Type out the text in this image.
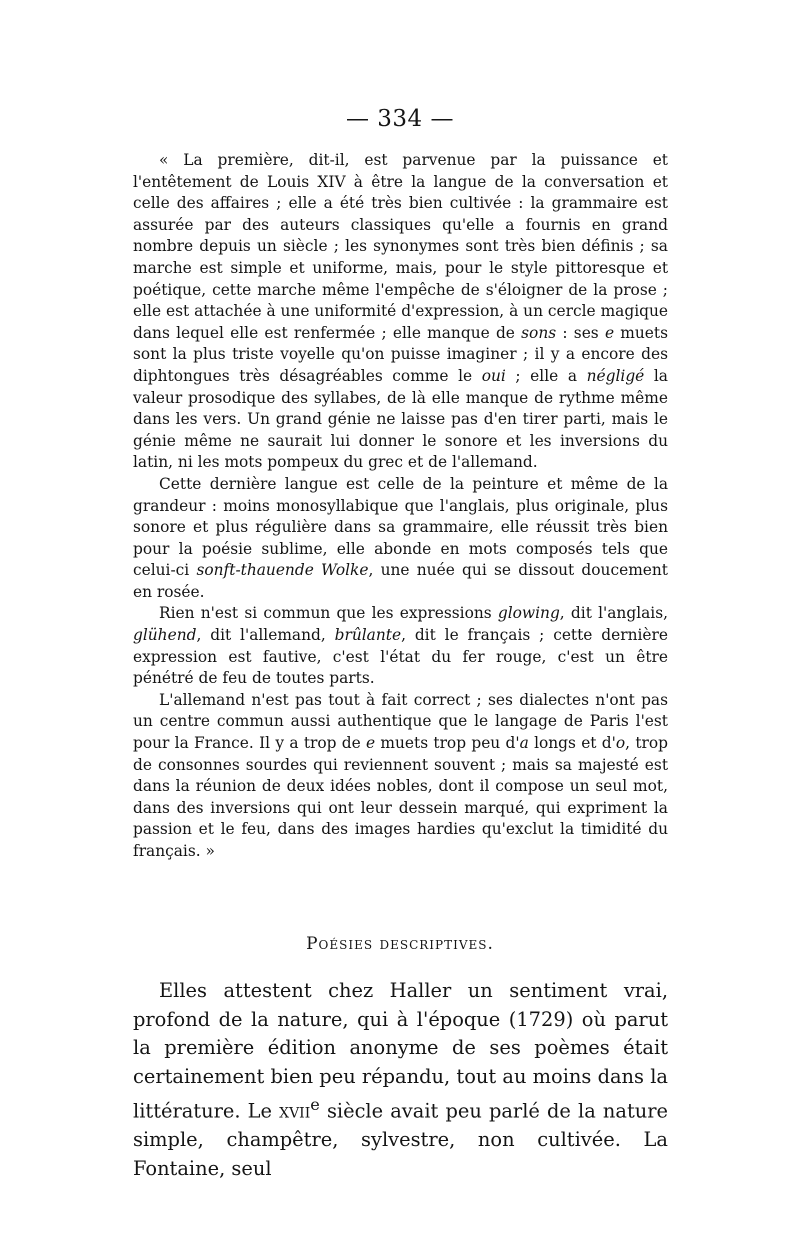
— 334 —

« La première, dit-il, est parvenue par la puissance et l'entêtement de Louis XIV à être la langue de la conversation et celle des affaires ; elle a été très bien cultivée : la grammaire est assurée par des auteurs classiques qu'elle a fournis en grand nombre depuis un siècle ; les synonymes sont très bien définis ; sa marche est simple et uniforme, mais, pour le style pittoresque et poétique, cette marche même l'empêche de s'éloigner de la prose ; elle est attachée à une uniformité d'expression, à un cercle magique dans lequel elle est renfermée ; elle manque de sons : ses e muets sont la plus triste voyelle qu'on puisse imaginer ; il y a encore des diphtongues très désagréables comme le oui ; elle a négligé la valeur prosodique des syllabes, de là elle manque de rythme même dans les vers. Un grand génie ne laisse pas d'en tirer parti, mais le génie même ne saurait lui donner le sonore et les inversions du latin, ni les mots pompeux du grec et de l'allemand.

Cette dernière langue est celle de la peinture et même de la grandeur : moins monosyllabique que l'anglais, plus originale, plus sonore et plus régulière dans sa grammaire, elle réussit très bien pour la poésie sublime, elle abonde en mots composés tels que celui-ci sonft-thauende Wolke, une nuée qui se dissout doucement en rosée.

Rien n'est si commun que les expressions glowing, dit l'anglais, glühend, dit l'allemand, brûlante, dit le français ; cette dernière expression est fautive, c'est l'état du fer rouge, c'est un être pénétré de feu de toutes parts.

L'allemand n'est pas tout à fait correct ; ses dialectes n'ont pas un centre commun aussi authentique que le langage de Paris l'est pour la France. Il y a trop de e muets trop peu d'a longs et d'o, trop de consonnes sourdes qui reviennent souvent ; mais sa majesté est dans la réunion de deux idées nobles, dont il compose un seul mot, dans des inversions qui ont leur dessein marqué, qui expriment la passion et le feu, dans des images hardies qu'exclut la timidité du français. »

Poésies descriptives.

Elles attestent chez Haller un sentiment vrai, profond de la nature, qui à l'époque (1729) où parut la première édition anonyme de ses poèmes était certainement bien peu répandu, tout au moins dans la littérature. Le xvii$^e$ siècle avait peu parlé de la nature simple, champêtre, sylvestre, non cultivée. La Fontaine, seul
